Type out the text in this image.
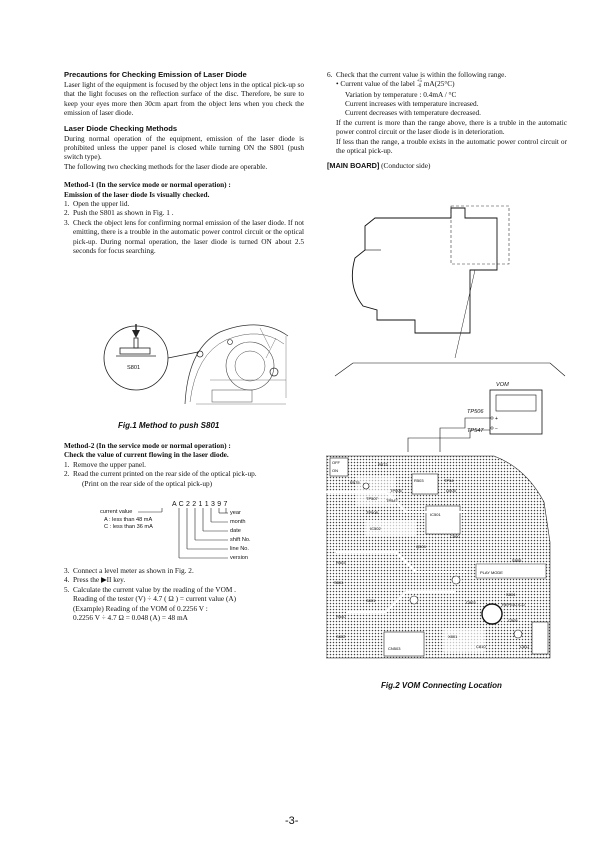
Precautions for Checking Emission of Laser Diode

Laser light of the equipment is focused by the object lens in the optical pick-up so that the light focuses on the reflection surface of the disc. Therefore, be sure to keep your eyes more then 30cm apart from the object lens when you check the emission of laser diode.

Laser Diode Checking Methods

During normal operation of the equipment, emission of the laser diode is prohibited unless the upper panel is closed while turning ON the S801 (push switch type).

The following two checking methods for the laser diode are operable.

Method-1 (In the service mode or normal operation) :

Emission of the laser diode Is visually checked.

1. Open the upper lid.
2. Push the S801 as shown in Fig. 1 .
3. Check the object lens for confirming normal emission of the laser diode. If not emitting, there is a trouble in the automatic power control circuit or the optical pick-up. During normal operation, the laser diode is turned ON about 2.5 seconds for focus searching.
S801
Fig.1 Method to push S801

Method-2 (In the service mode or normal operation) :

Check the value of current flowing in the laser diode.

1. Remove the upper panel.
2. Read the current printed on the rear side of the optical pick-up.

(Print on the rear side of the optical pick-up)

A C 2 2 1 1 3 9 7
current value
A : less than 48 mA
C : less than 36 mA
year
month
date
shift No.
line No.
version
3. Connect a level meter as shown in Fig. 2.
4. Press the ▶II key.
5. Calculate the current value by the reading of the VOM .

Reading of the tester (V) ÷ 4.7 ( Ω ) = current value (A)

(Example) Reading of the VOM of 0.2256 V :

0.2256 V ÷ 4.7 Ω = 0.048 (A) = 48 mA

6. Check that the current value is within the following range.

• Current value of the label +5
-0 mA(25°C)

Variation by temperature : 0.4mA / °C

Current increases with temperature increased.

Current decreases with temperature decreased.

If the current is more than the range above, there is a truble in the automatic power control circuit or the laser diode is in deterioration.

If less than the range, a trouble exists in the automatic power control circuit or the optical pick-up.

[MAIN BOARD] (Conductor side)

VOM
+
−
TP506
TP547
OFF
ON
R575
R572
TP507
TP508
TP547
TP506
R503
IC501
IC502
Q504
Q505
C500
TP54
S805
PLAY MODE
S803
S804
REPEAT/CD
C505
S801
X801
S802
CN503
C803
R503
C810	C811
R540
Fig.2 VOM Connecting Location
-3-
